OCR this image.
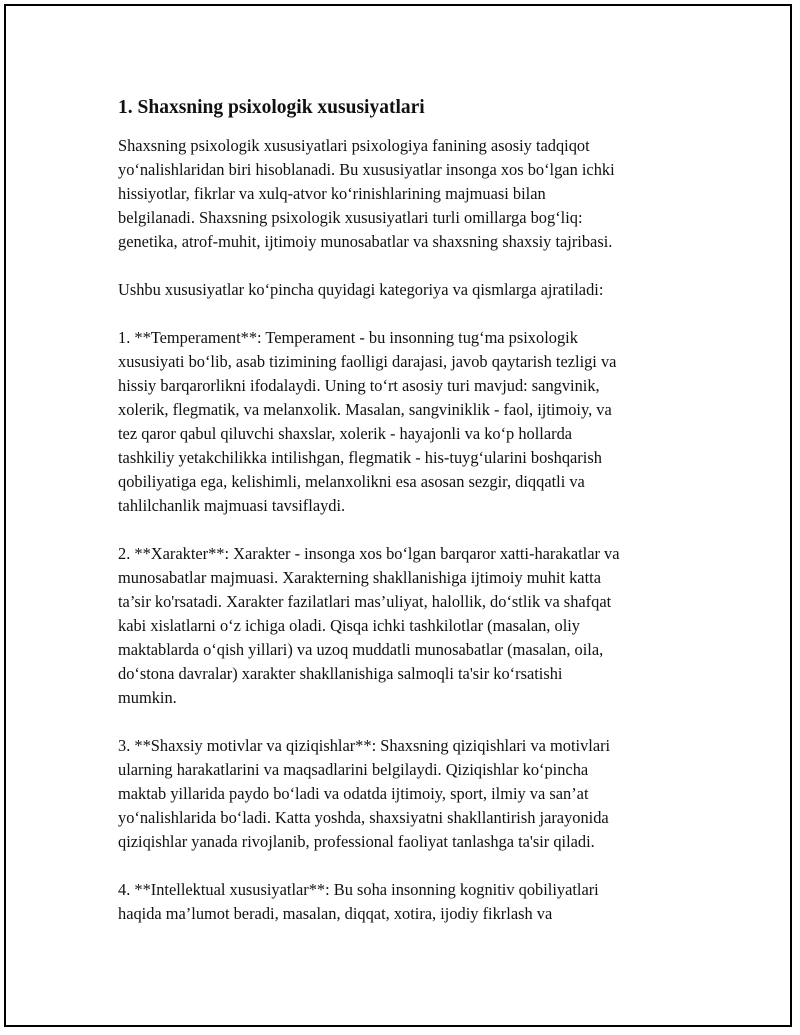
1. Shaxsning psixologik xususiyatlari
Shaxsning psixologik xususiyatlari psixologiya fanining asosiy tadqiqot
yo‘nalishlaridan biri hisoblanadi. Bu xususiyatlar insonga xos bo‘lgan ichki
hissiyotlar, fikrlar va xulq-atvor ko‘rinishlarining majmuasi bilan
belgilanadi. Shaxsning psixologik xususiyatlari turli omillarga bog‘liq:
genetika, atrof-muhit, ijtimoiy munosabatlar va shaxsning shaxsiy tajribasi.
Ushbu xususiyatlar ko‘pincha quyidagi kategoriya va qismlarga ajratiladi:
1. **Temperament**: Temperament - bu insonning tug‘ma psixologik
xususiyati bo‘lib, asab tizimining faolligi darajasi, javob qaytarish tezligi va
hissiy barqarorlikni ifodalaydi. Uning to‘rt asosiy turi mavjud: sangvinik,
xolerik, flegmatik, va melanxolik. Masalan, sangviniklik - faol, ijtimoiy, va
tez qaror qabul qiluvchi shaxslar, xolerik - hayajonli va ko‘p hollarda
tashkiliy yetakchilikka intilishgan, flegmatik - his-tuyg‘ularini boshqarish
qobiliyatiga ega, kelishimli, melanxolikni esa asosan sezgir, diqqatli va
tahlilchanlik majmuasi tavsiflaydi.
2. **Xarakter**: Xarakter - insonga xos bo‘lgan barqaror xatti-harakatlar va
munosabatlar majmuasi. Xarakterning shakllanishiga ijtimoiy muhit katta
ta’sir ko'rsatadi. Xarakter fazilatlari mas’uliyat, halollik, do‘stlik va shafqat
kabi xislatlarni o‘z ichiga oladi. Qisqa ichki tashkilotlar (masalan, oliy
maktablarda o‘qish yillari) va uzoq muddatli munosabatlar (masalan, oila,
do‘stona davralar) xarakter shakllanishiga salmoqli ta'sir ko‘rsatishi
mumkin.
3. **Shaxsiy motivlar va qiziqishlar**: Shaxsning qiziqishlari va motivlari
ularning harakatlarini va maqsadlarini belgilaydi. Qiziqishlar ko‘pincha
maktab yillarida paydo bo‘ladi va odatda ijtimoiy, sport, ilmiy va san’at
yo‘nalishlarida bo‘ladi. Katta yoshda, shaxsiyatni shakllantirish jarayonida
qiziqishlar yanada rivojlanib, professional faoliyat tanlashga ta'sir qiladi.
4. **Intellektual xususiyatlar**: Bu soha insonning kognitiv qobiliyatlari
haqida ma’lumot beradi, masalan, diqqat, xotira, ijodiy fikrlash va
